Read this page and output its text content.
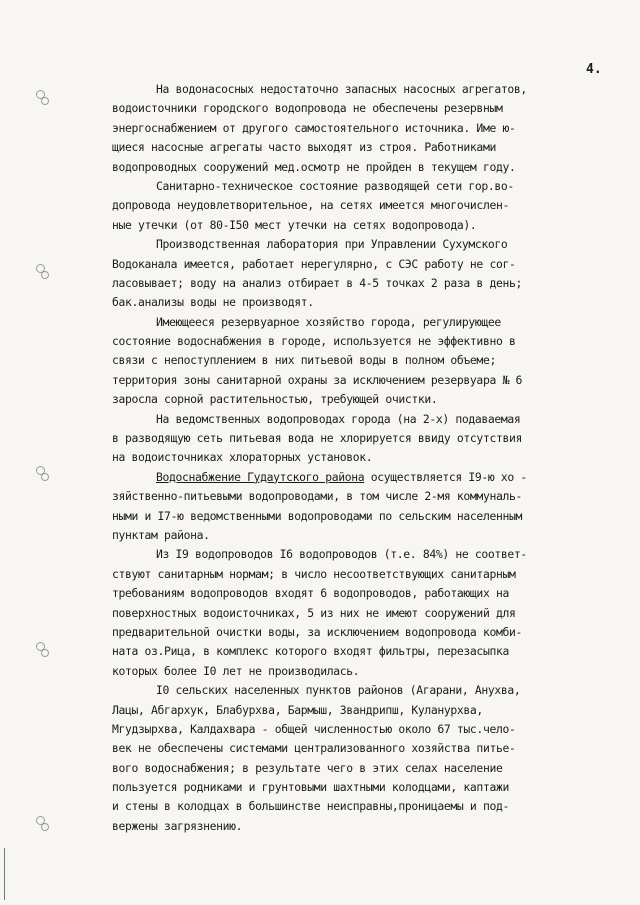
4.
На водонасосных недостаточно запасных насосных агрегатов,
водоисточники городского водопровода не обеспечены резервным
энергоснабжением от другого самостоятельного источника. Име ю-
щиеся насосные агрегаты часто выходят из строя. Работниками
водопроводных сооружений мед.осмотр не пройден в текущем году.
Санитарно-техническое состояние разводящей сети гор.во-
допровода неудовлетворительное, на сетях имеется многочислен-
ные утечки (от 80-I50 мест утечки на сетях водопровода).
Производственная лаборатория при Управлении Сухумского
Водоканала имеется, работает нерегулярно, с СЭС работу не сог-
ласовывает; воду на анализ отбирает в 4-5 точках 2 раза в день;
бак.анализы воды не производят.
Имеющееся резервуарное хозяйство города, регулирующее
состояние водоснабжения в городе, используется не эффективно в
связи с непоступлением в них питьевой воды в полном объеме;
территория зоны санитарной охраны за исключением резервуара № 6
заросла сорной растительностью, требующей очистки.
На ведомственных водопроводах города (на 2-х) подаваемая
в разводящую сеть питьевая вода не хлорируется ввиду отсутствия
на водоисточниках хлораторных установок.
Водоснабжение Гудаутского района осуществляется I9-ю хо -
зяйственно-питьевыми водопроводами, в том числе 2-мя коммуналь-
ными и I7-ю ведомственными водопроводами по сельским населенным
пунктам района.
Из I9 водопроводов I6 водопроводов (т.е. 84%) не соответ-
ствуют санитарным нормам; в число несоответствующих санитарным
требованиям водопроводов входят 6 водопроводов, работающих на
поверхностных водоисточниках, 5 из них не имеют сооружений для
предварительной очистки воды, за исключением водопровода комби-
ната оз.Рица, в комплекс которого входят фильтры, перезасыпка
которых более I0 лет не производилась.
I0 сельских населенных пунктов районов (Агарани, Анухва,
Лацы, Абгархук, Блабурхва, Бармыш, Звандрипш, Куланурхва,
Мгудзырхва, Калдахвара - общей численностью около 67 тыс.чело-
век не обеспечены системами централизованного хозяйства питье-
вого водоснабжения; в результате чего в этих селах население
пользуется родниками и грунтовыми шахтными колодцами, каптажи
и стены в колодцах в большинстве неисправны,проницаемы и под-
вержены загрязнению.
